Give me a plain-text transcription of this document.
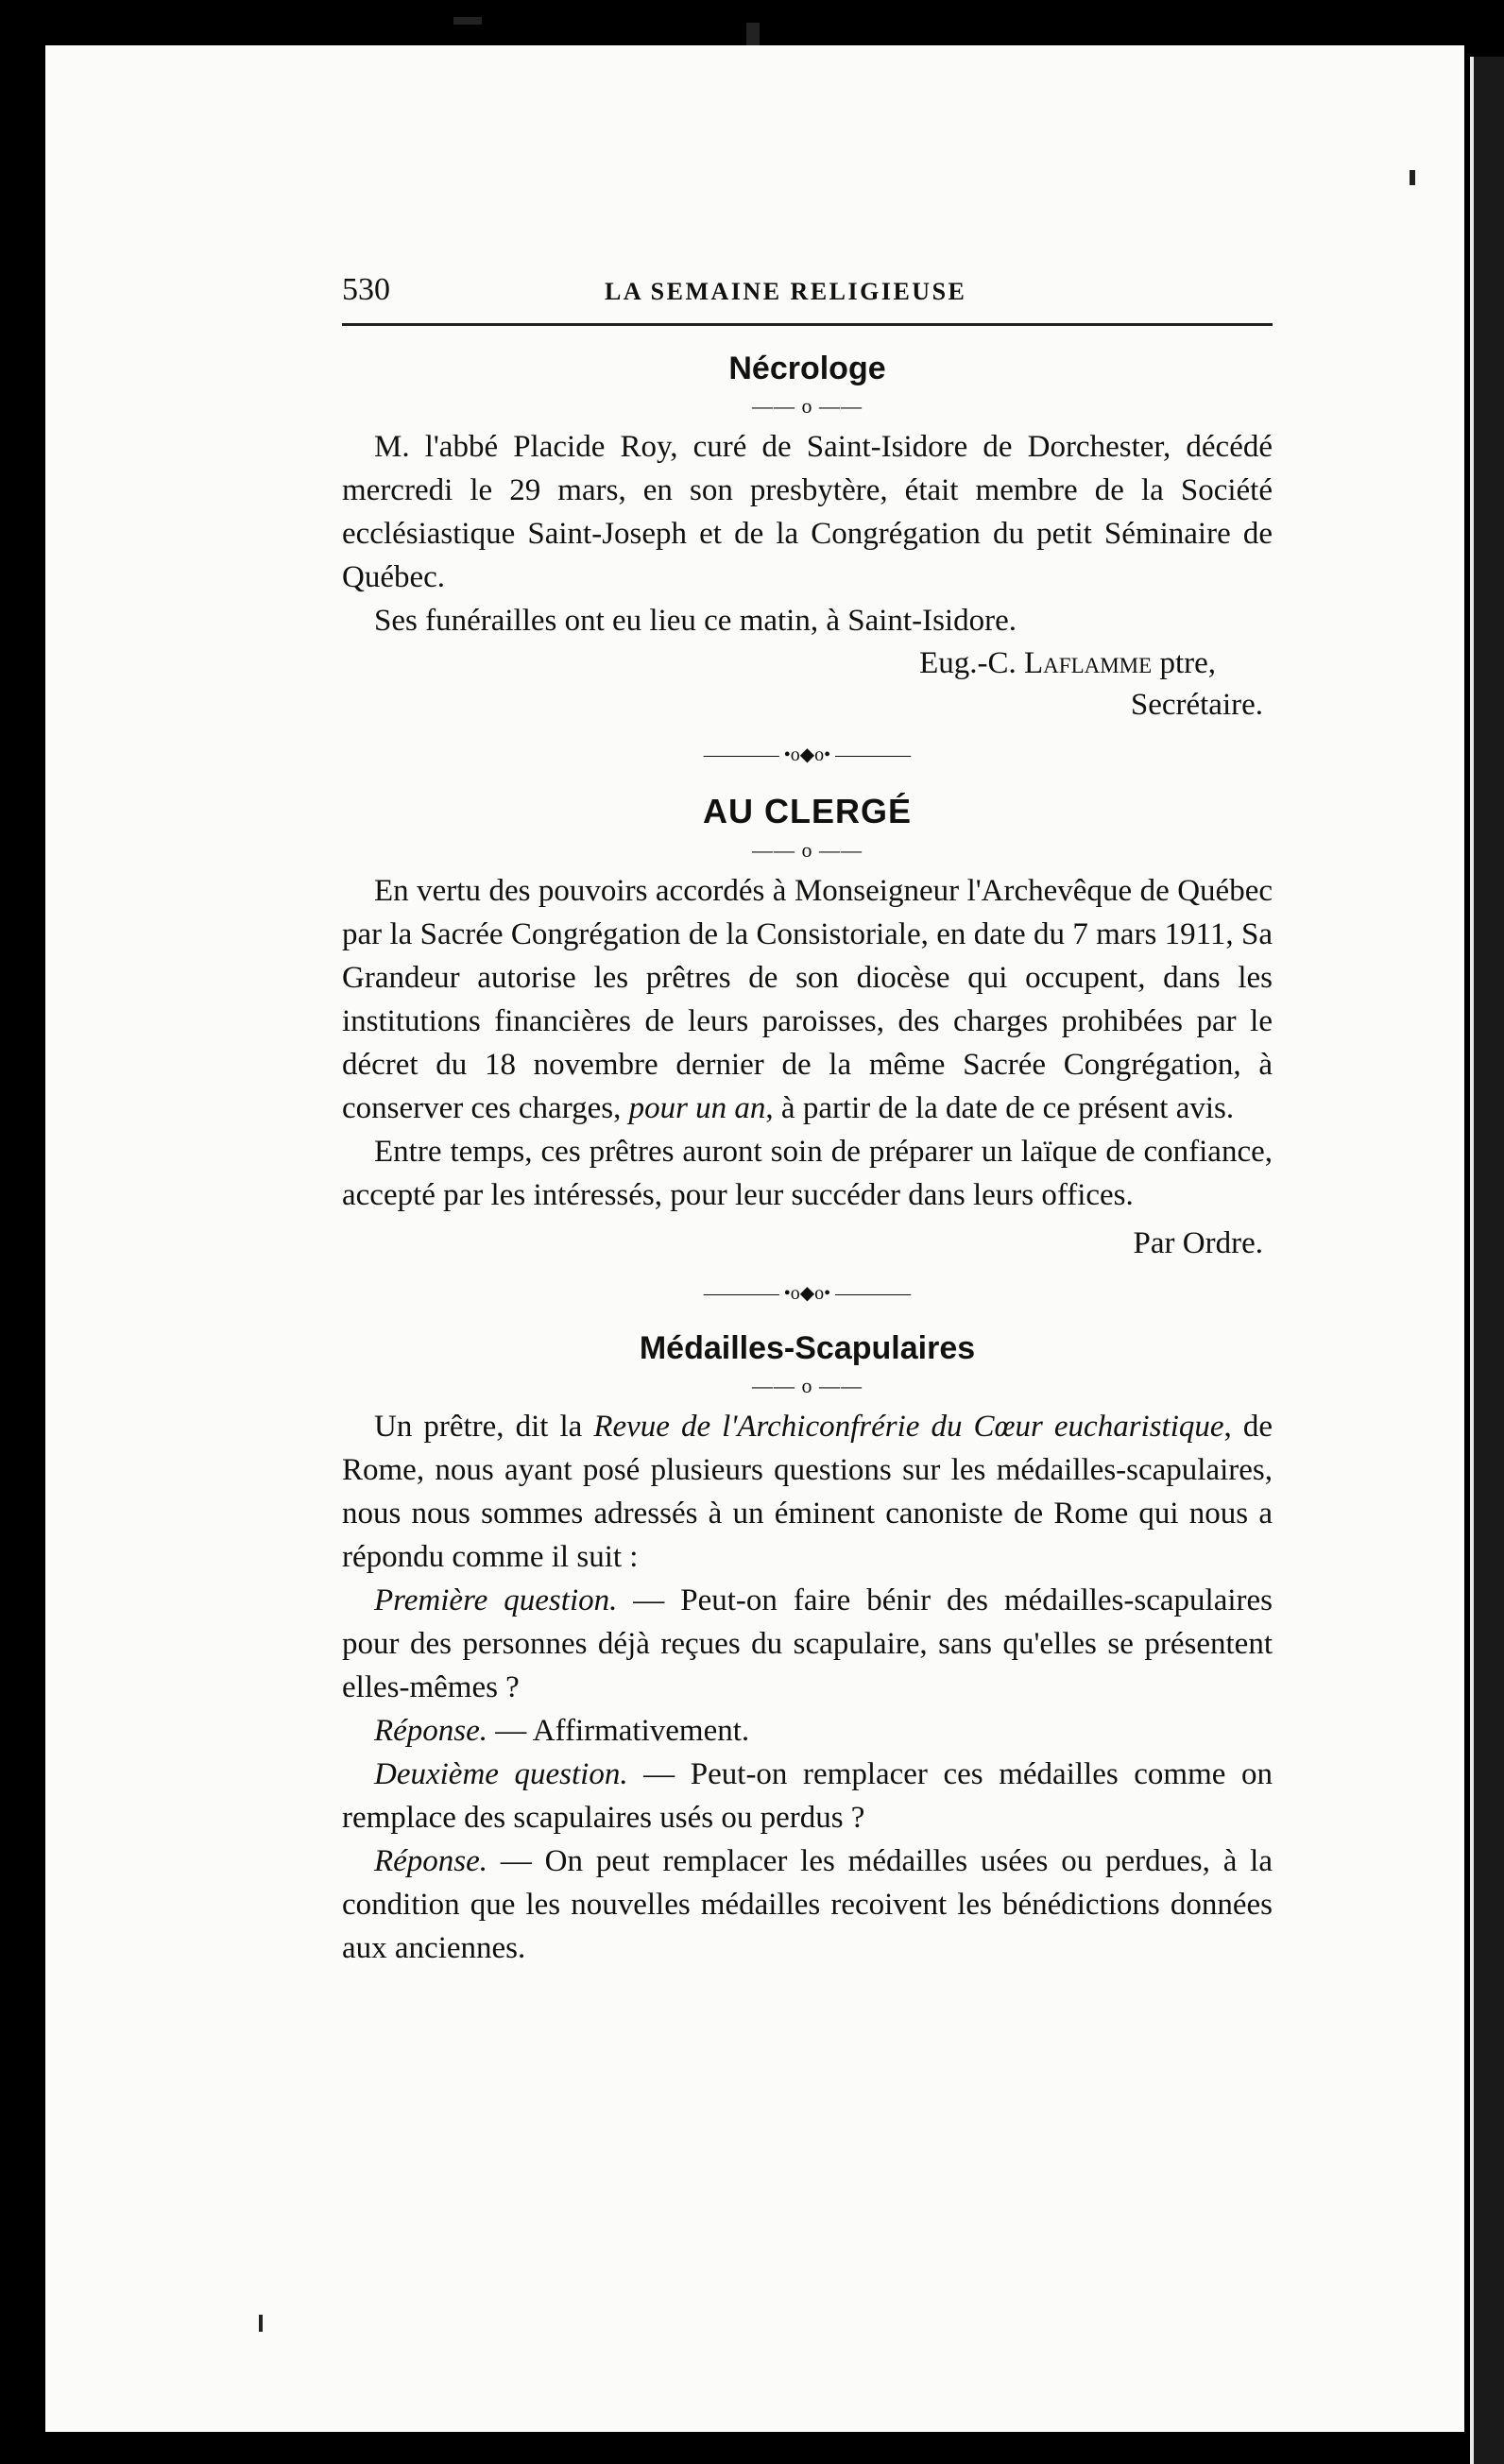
530	LA SEMAINE RELIGIEUSE
Nécrologe
—— o ——

M. l'abbé Placide Roy, curé de Saint-Isidore de Dorchester, décédé mercredi le 29 mars, en son presbytère, était membre de la Société ecclésiastique Saint-Joseph et de la Congrégation du petit Séminaire de Québec.

Ses funérailles ont eu lieu ce matin, à Saint-Isidore.

Eug.-C. Laflamme ptre,
Secrétaire.
———— •o◆o• ————
AU CLERGÉ
—— o ——

En vertu des pouvoirs accordés à Monseigneur l'Archevêque de Québec par la Sacrée Congrégation de la Consistoriale, en date du 7 mars 1911, Sa Grandeur autorise les prêtres de son diocèse qui occupent, dans les institutions financières de leurs paroisses, des charges prohibées par le décret du 18 novembre dernier de la même Sacrée Congrégation, à conserver ces charges, pour un an, à partir de la date de ce présent avis.

Entre temps, ces prêtres auront soin de préparer un laïque de confiance, accepté par les intéressés, pour leur succéder dans leurs offices.

Par Ordre.
———— •o◆o• ————
Médailles-Scapulaires
—— o ——

Un prêtre, dit la Revue de l'Archiconfrérie du Cœur eucharistique, de Rome, nous ayant posé plusieurs questions sur les médailles-scapulaires, nous nous sommes adressés à un éminent canoniste de Rome qui nous a répondu comme il suit :

Première question. — Peut-on faire bénir des médailles-scapulaires pour des personnes déjà reçues du scapulaire, sans qu'elles se présentent elles-mêmes ?

Réponse. — Affirmativement.

Deuxième question. — Peut-on remplacer ces médailles comme on remplace des scapulaires usés ou perdus ?

Réponse. — On peut remplacer les médailles usées ou perdues, à la condition que les nouvelles médailles recoivent les bénédictions données aux anciennes.
